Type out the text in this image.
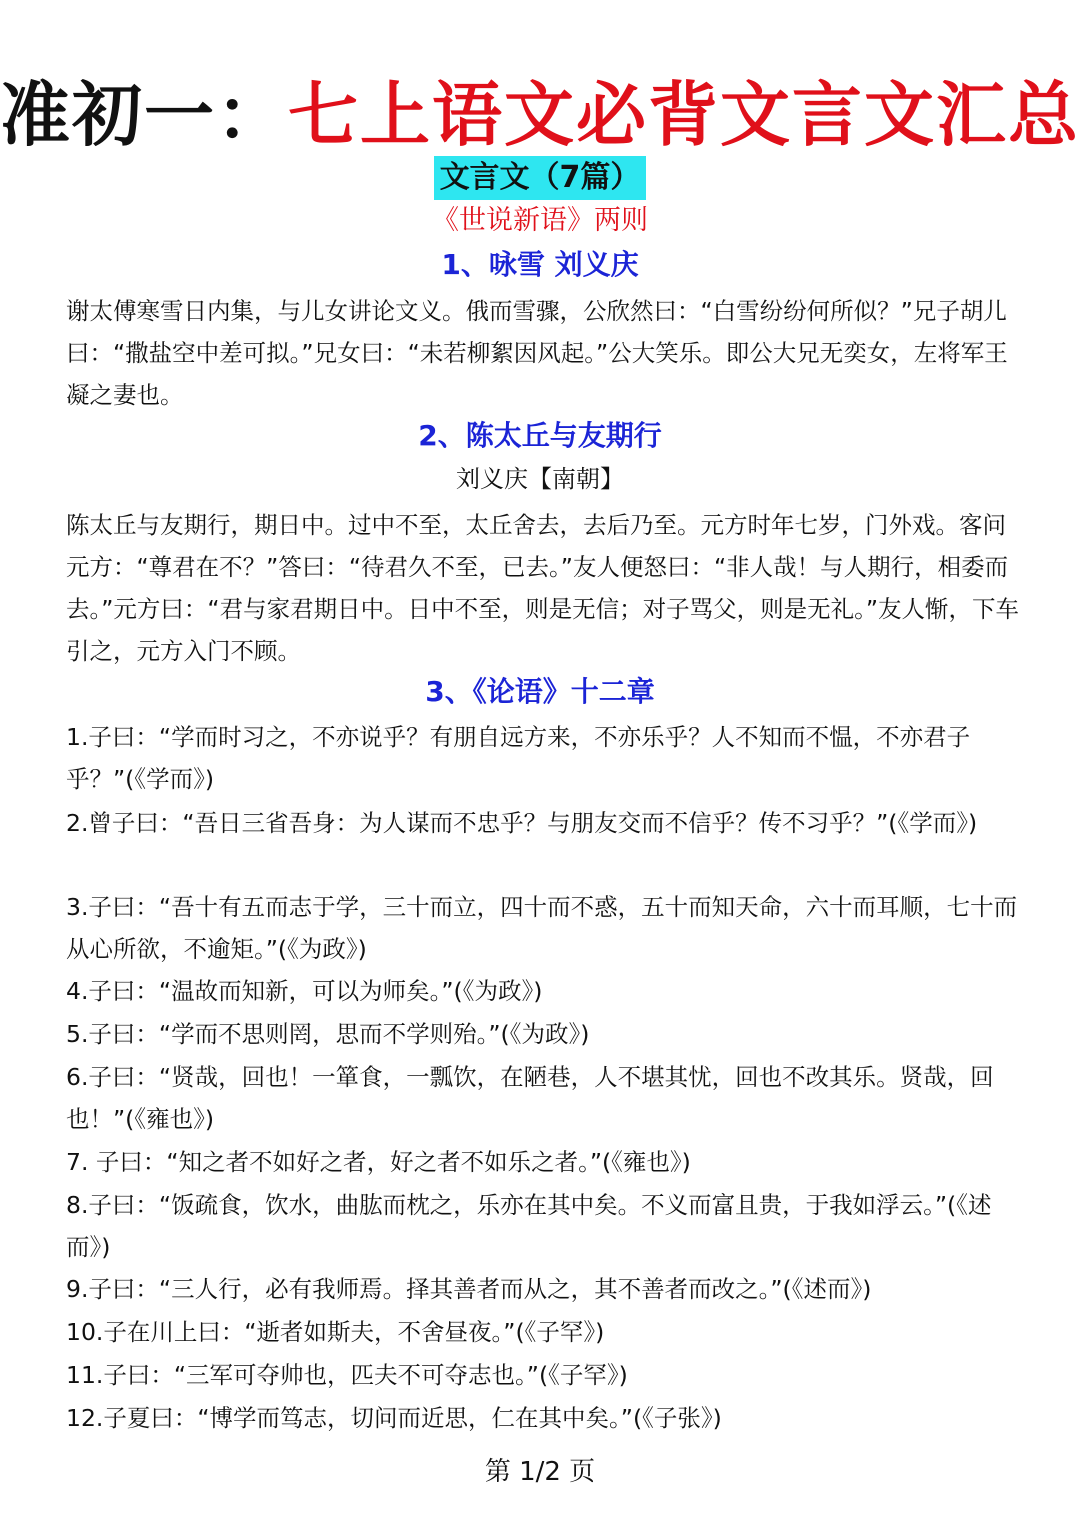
准初一：七上语文必背文言文汇总
文言文（7篇）
《世说新语》两则
1、咏雪 刘义庆
谢太傅寒雪日内集，与儿女讲论文义。俄而雪骤，公欣然曰：“白雪纷纷何所似？”兄子胡儿曰：“撒盐空中差可拟。”兄女曰：“未若柳絮因风起。”公大笑乐。即公大兄无奕女，左将军王凝之妻也。
2、陈太丘与友期行
刘义庆【南朝】
陈太丘与友期行，期日中。过中不至，太丘舍去，去后乃至。元方时年七岁，门外戏。客问元方：“尊君在不？”答曰：“待君久不至，已去。”友人便怒曰：“非人哉！与人期行，相委而去。”元方曰：“君与家君期日中。日中不至，则是无信；对子骂父，则是无礼。”友人惭，下车引之，元方入门不顾。
3、《论语》十二章
1.子曰：“学而时习之，不亦说乎？有朋自远方来，不亦乐乎？人不知而不愠，不亦君子乎？”(《学而》)
2.曾子曰：“吾日三省吾身：为人谋而不忠乎？与朋友交而不信乎？传不习乎？”(《学而》)
3.子曰：“吾十有五而志于学，三十而立，四十而不惑，五十而知天命，六十而耳顺，七十而从心所欲，不逾矩。”(《为政》)
4.子曰：“温故而知新，可以为师矣。”(《为政》)
5.子曰：“学而不思则罔，思而不学则殆。”(《为政》)
6.子曰：“贤哉，回也！一箪食，一瓢饮，在陋巷，人不堪其忧，回也不改其乐。贤哉，回也！”(《雍也》)
7. 子曰：“知之者不如好之者，好之者不如乐之者。”(《雍也》)
8.子曰：“饭疏食，饮水，曲肱而枕之，乐亦在其中矣。不义而富且贵，于我如浮云。”(《述而》)
9.子曰：“三人行，必有我师焉。择其善者而从之，其不善者而改之。”(《述而》)
10.子在川上曰：“逝者如斯夫，不舍昼夜。”(《子罕》)
11.子曰：“三军可夺帅也，匹夫不可夺志也。”(《子罕》)
12.子夏曰：“博学而笃志，切问而近思，仁在其中矣。”(《子张》)
第 1/2 页
